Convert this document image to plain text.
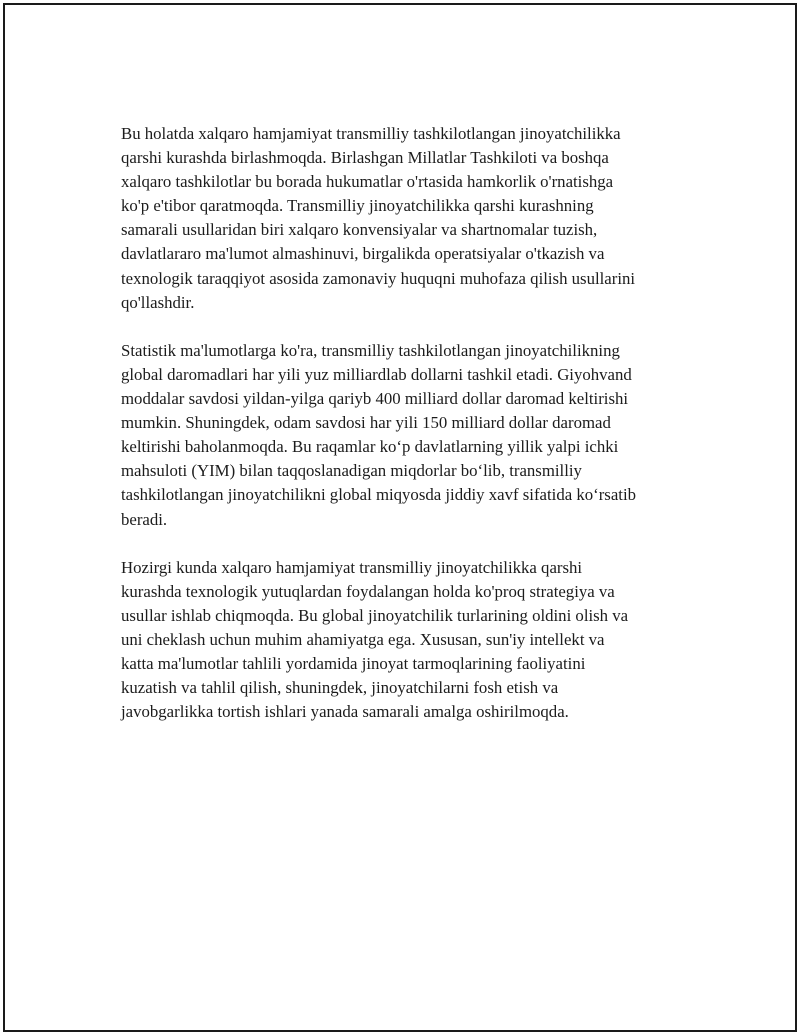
Bu holatda xalqaro hamjamiyat transmilliy tashkilotlangan jinoyatchilikka
qarshi kurashda birlashmoqda. Birlashgan Millatlar Tashkiloti va boshqa
xalqaro tashkilotlar bu borada hukumatlar o'rtasida hamkorlik o'rnatishga
ko'p e'tibor qaratmoqda. Transmilliy jinoyatchilikka qarshi kurashning
samarali usullaridan biri xalqaro konvensiyalar va shartnomalar tuzish,
davlatlararo ma'lumot almashinuvi, birgalikda operatsiyalar o'tkazish va
texnologik taraqqiyot asosida zamonaviy huquqni muhofaza qilish usullarini
qo'llashdir.

Statistik ma'lumotlarga ko'ra, transmilliy tashkilotlangan jinoyatchilikning
global daromadlari har yili yuz milliardlab dollarni tashkil etadi. Giyohvand
moddalar savdosi yildan-yilga qariyb 400 milliard dollar daromad keltirishi
mumkin. Shuningdek, odam savdosi har yili 150 milliard dollar daromad
keltirishi baholanmoqda. Bu raqamlar ko‘p davlatlarning yillik yalpi ichki
mahsuloti (YIM) bilan taqqoslanadigan miqdorlar bo‘lib, transmilliy
tashkilotlangan jinoyatchilikni global miqyosda jiddiy xavf sifatida ko‘rsatib
beradi.

Hozirgi kunda xalqaro hamjamiyat transmilliy jinoyatchilikka qarshi
kurashda texnologik yutuqlardan foydalangan holda ko'proq strategiya va
usullar ishlab chiqmoqda. Bu global jinoyatchilik turlarining oldini olish va
uni cheklash uchun muhim ahamiyatga ega. Xususan, sun'iy intellekt va
katta ma'lumotlar tahlili yordamida jinoyat tarmoqlarining faoliyatini
kuzatish va tahlil qilish, shuningdek, jinoyatchilarni fosh etish va
javobgarlikka tortish ishlari yanada samarali amalga oshirilmoqda.
